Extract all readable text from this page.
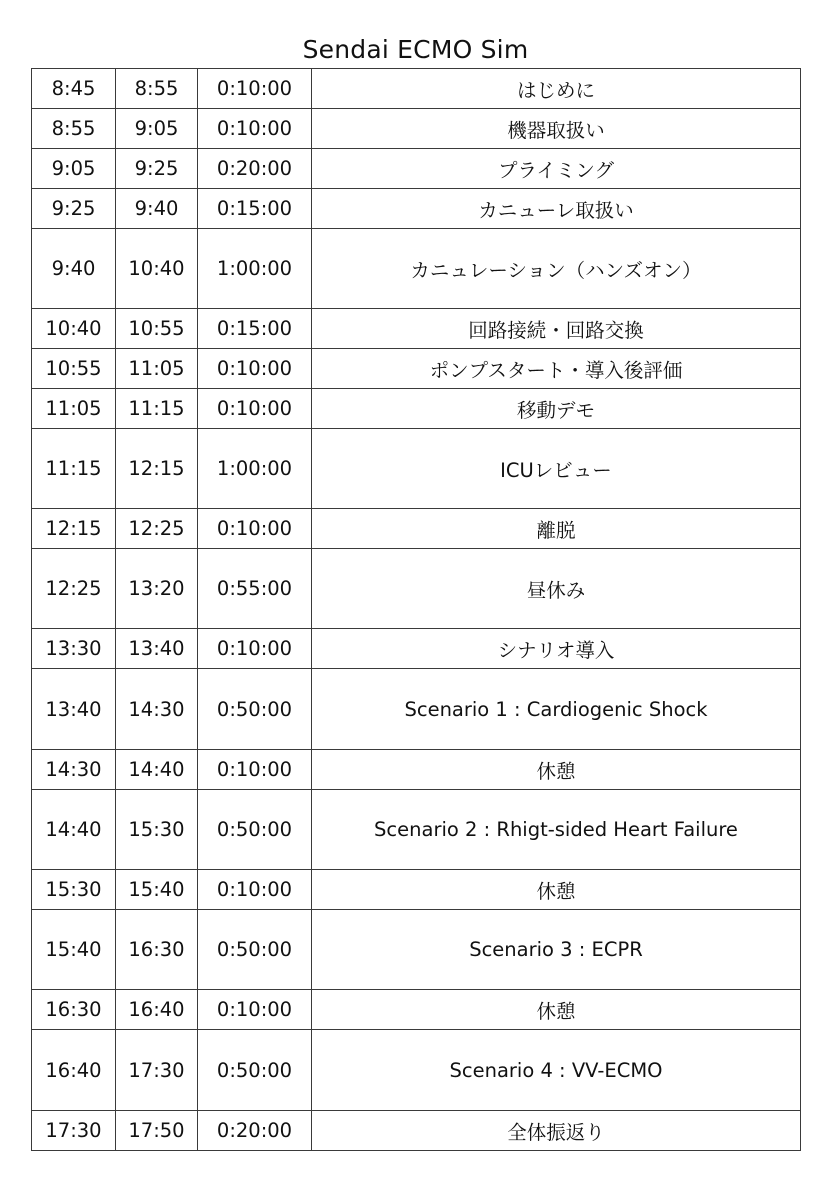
Sendai ECMO Sim
8:45	8:55	0:10:00	はじめに
8:55	9:05	0:10:00	機器取扱い
9:05	9:25	0:20:00	プライミング
9:25	9:40	0:15:00	カニューレ取扱い
9:40	10:40	1:00:00	カニュレーション（ハンズオン）
10:40	10:55	0:15:00	回路接続・回路交換
10:55	11:05	0:10:00	ポンプスタート・導入後評価
11:05	11:15	0:10:00	移動デモ
11:15	12:15	1:00:00	ICUレビュー
12:15	12:25	0:10:00	離脱
12:25	13:20	0:55:00	昼休み
13:30	13:40	0:10:00	シナリオ導入
13:40	14:30	0:50:00	Scenario 1 : Cardiogenic Shock
14:30	14:40	0:10:00	休憩
14:40	15:30	0:50:00	Scenario 2 : Rhigt-sided Heart Failure
15:30	15:40	0:10:00	休憩
15:40	16:30	0:50:00	Scenario 3 : ECPR
16:30	16:40	0:10:00	休憩
16:40	17:30	0:50:00	Scenario 4 : VV-ECMO
17:30	17:50	0:20:00	全体振返り
